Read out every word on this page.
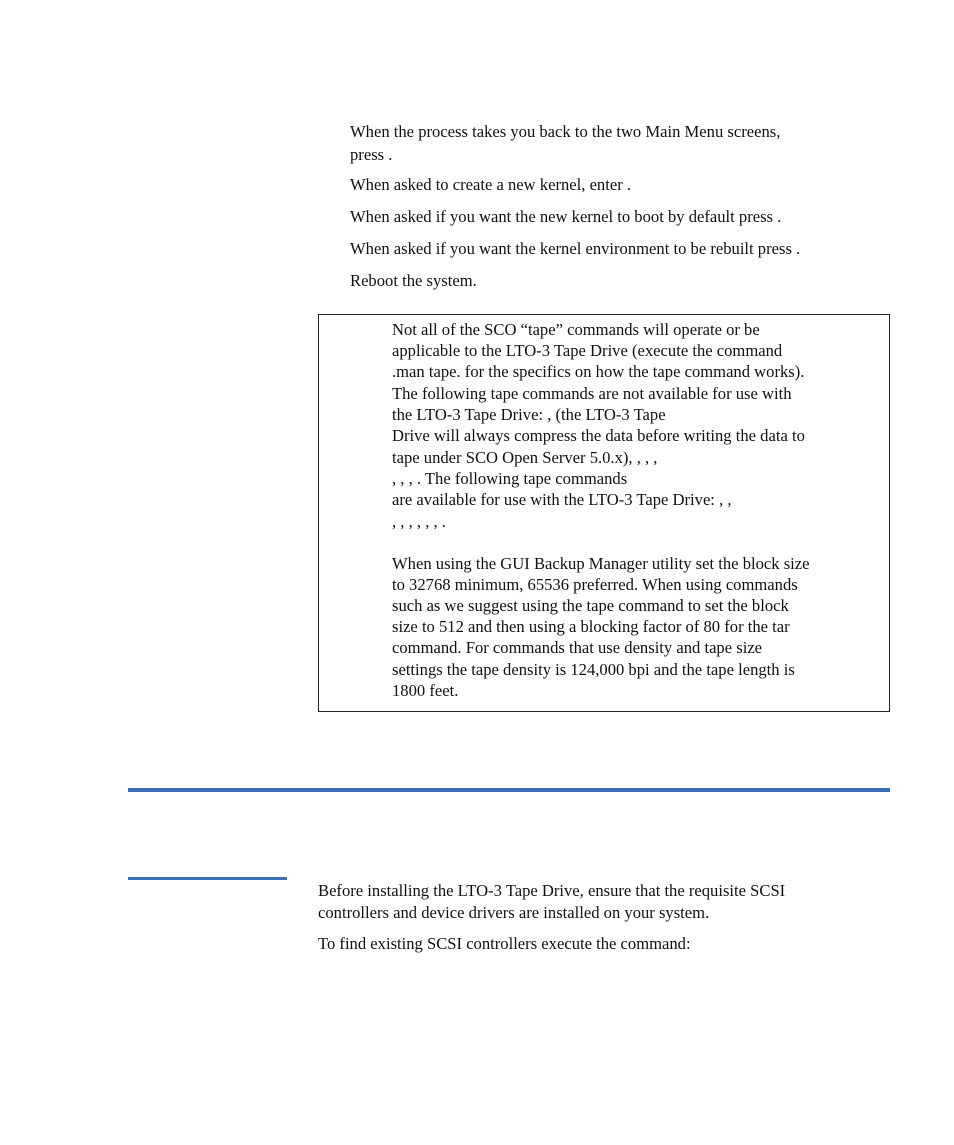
When the process takes you back to the two Main Menu screens,
press .
When asked to create a new kernel, enter .
When asked if you want the new kernel to boot by default press .
When asked if you want the kernel environment to be rebuilt press .
Reboot the system.
Not all of the SCO “tape” commands will operate or be
applicable to the LTO-3 Tape Drive (execute the command
.man tape. for the specifics on how the tape command works).
The following tape commands are not available for use with
the LTO-3 Tape Drive: , (the LTO-3 Tape
Drive will always compress the data before writing the data to
tape under SCO Open Server 5.0.x), , , ,
, , , . The following tape commands
are available for use with the LTO-3 Tape Drive: , ,
, , , , , , .
When using the GUI Backup Manager utility set the block size
to 32768 minimum, 65536 preferred. When using commands
such as we suggest using the tape command to set the block
size to 512 and then using a blocking factor of 80 for the tar
command. For commands that use density and tape size
settings the tape density is 124,000 bpi and the tape length is
1800 feet.
Before installing the LTO-3 Tape Drive, ensure that the requisite SCSI
controllers and device drivers are installed on your system.
To find existing SCSI controllers execute the command:
